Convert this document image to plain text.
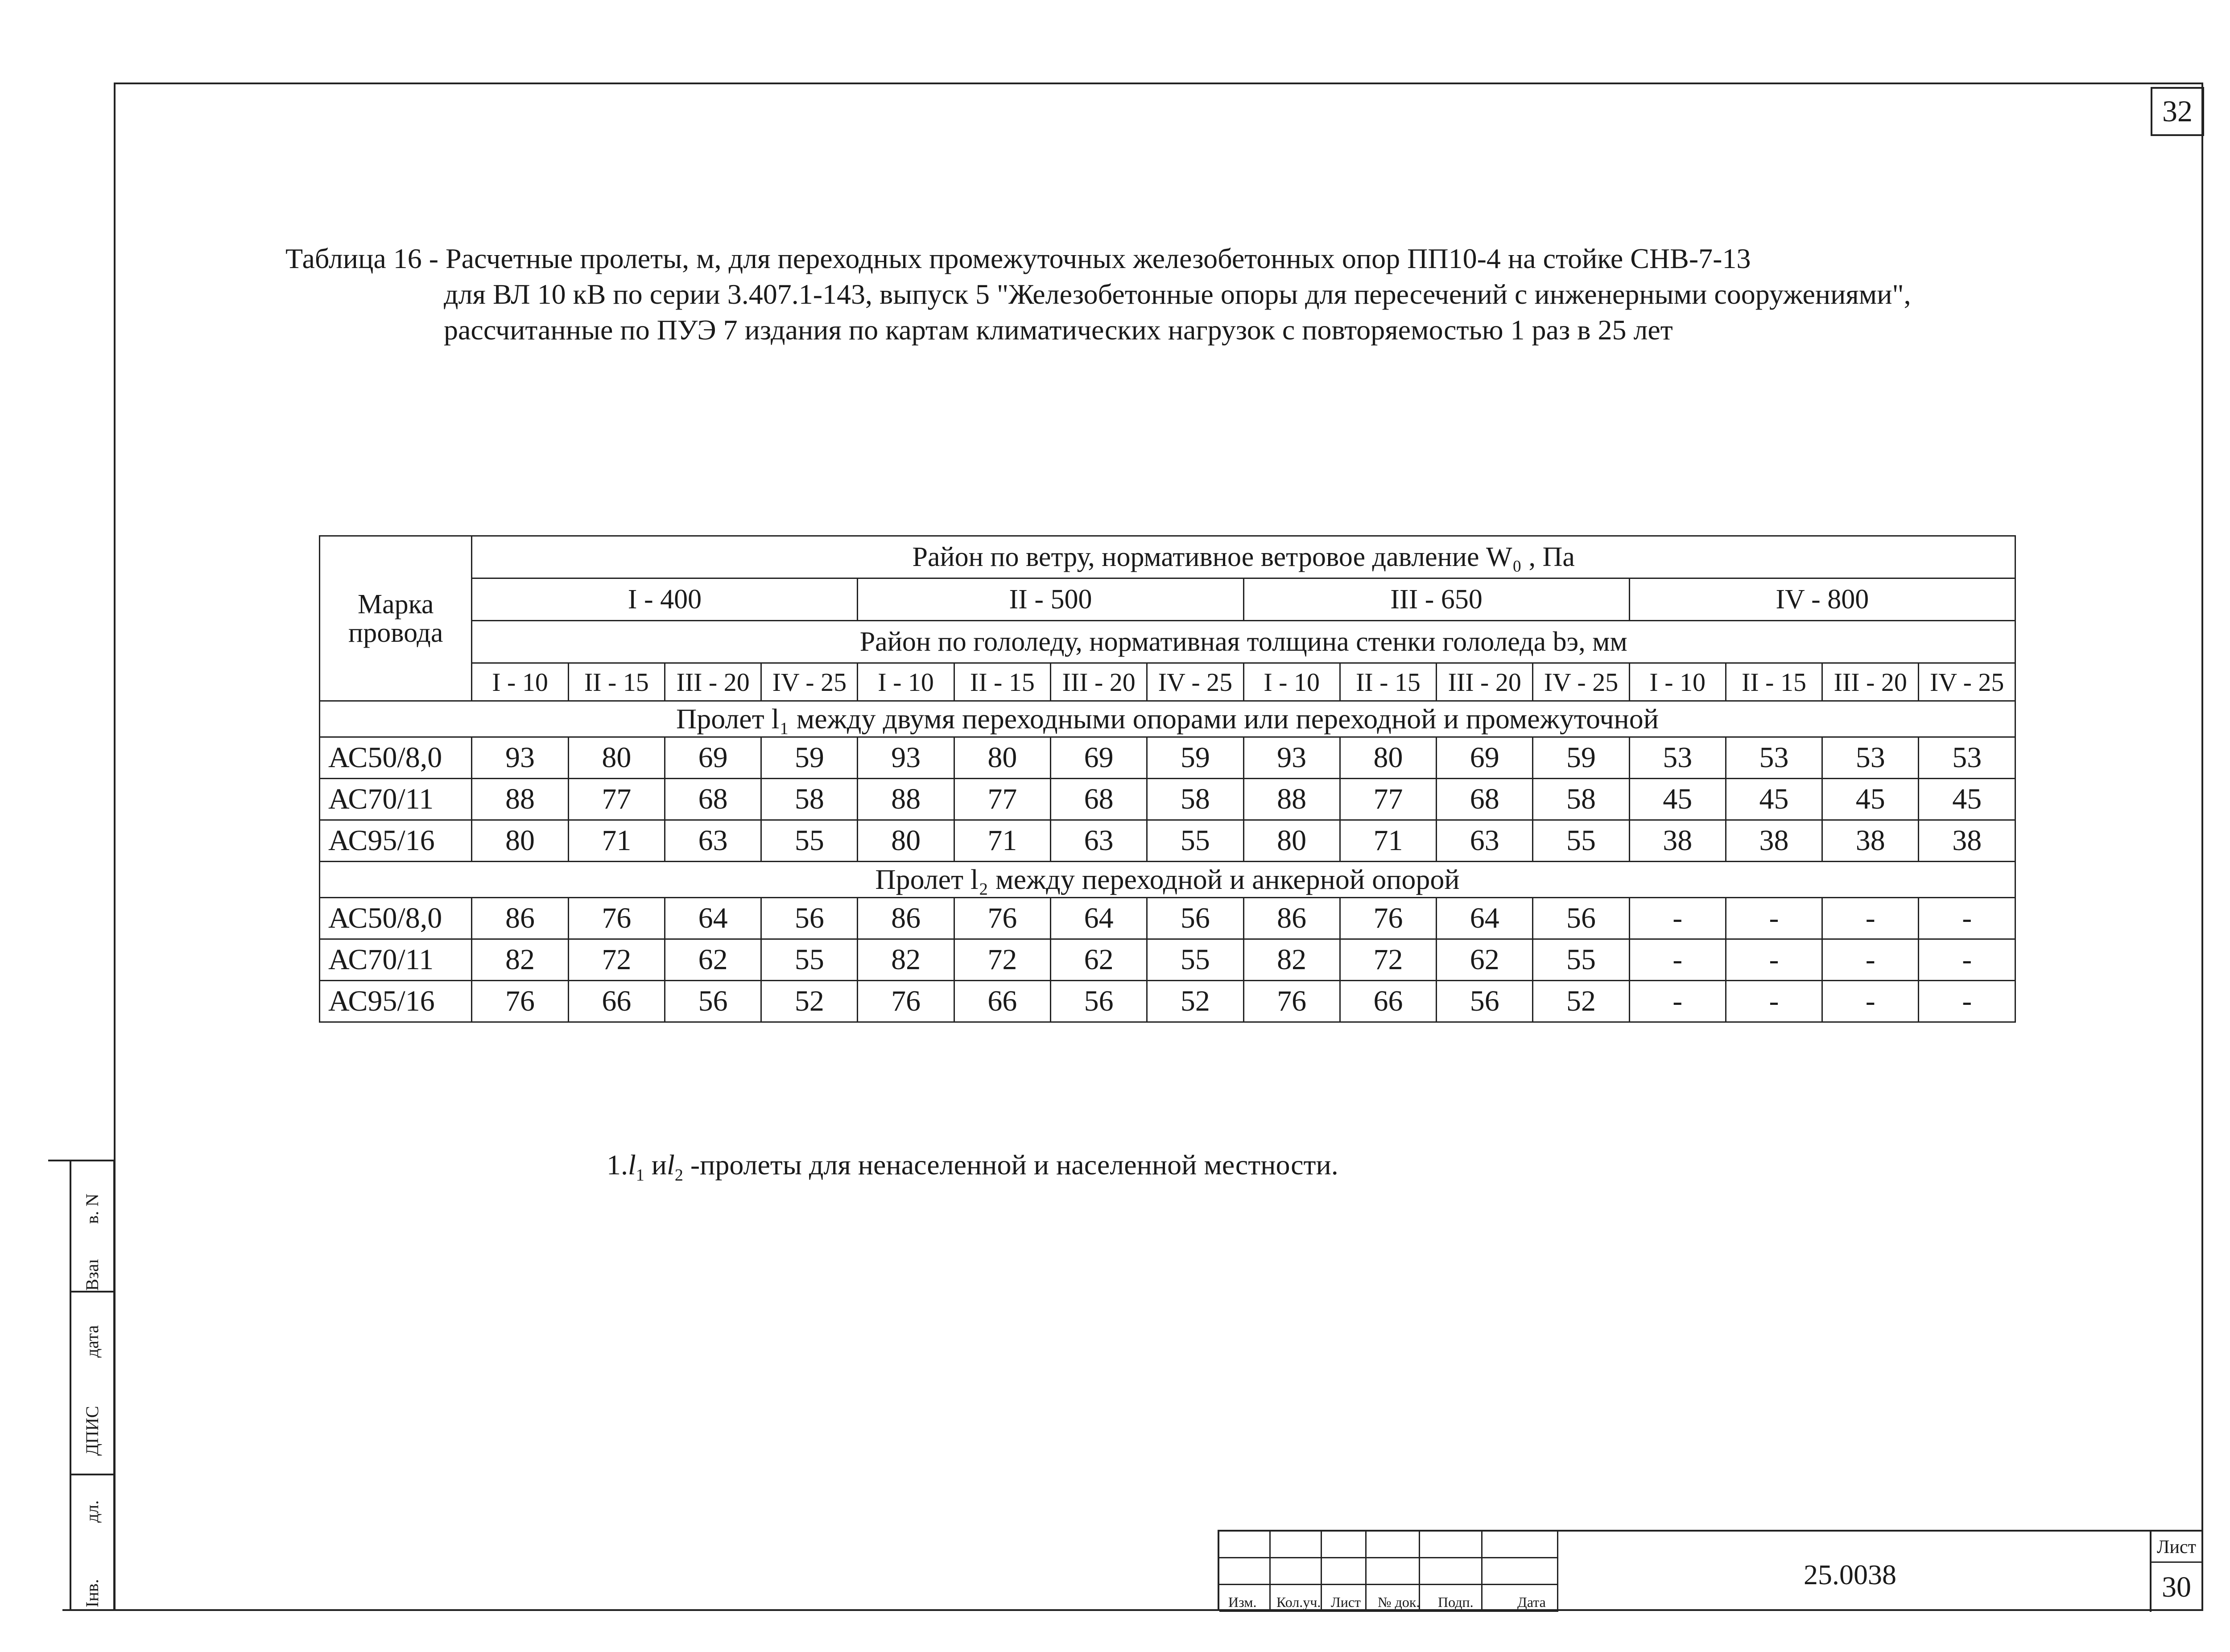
32
Таблица 16 - Расчетные пролеты, м, для переходных промежуточных железобетонных опор ПП10-4 на стойке СНВ-7-13
для ВЛ 10 кВ по серии 3.407.1-143, выпуск 5 "Железобетонные опоры для пересечений с инженерными сооружениями",
рассчитанные по ПУЭ 7 издания по картам климатических нагрузок с повторяемостью 1 раз в 25 лет
Марка
провода	Район по ветру, нормативное ветровое давление W₀ , Па															
	I - 400				II - 500				III - 650				IV - 800			
	Район по гололеду, нормативная толщина стенки гололеда bэ, мм															
	I - 10	II - 15	III - 20	IV - 25	I - 10	II - 15	III - 20	IV - 25	I - 10	II - 15	III - 20	IV - 25	I - 10	II - 15	III - 20	IV - 25
Пролет l₁ между двумя переходными опорами или переходной и промежуточной																
АС50/8,0	93	80	69	59	93	80	69	59	93	80	69	59	53	53	53	53
АС70/11	88	77	68	58	88	77	68	58	88	77	68	58	45	45	45	45
АС95/16	80	71	63	55	80	71	63	55	80	71	63	55	38	38	38	38
Пролет l₂ между переходной и анкерной опорой																
АС50/8,0	86	76	64	56	86	76	64	56	86	76	64	56	-	-	-	-
АС70/11	82	72	62	55	82	72	62	55	82	72	62	55	-	-	-	-
АС95/16	76	66	56	52	76	66	56	52	76	66	56	52	-	-	-	-
$1.l_1$ $иl_2$ -пролеты для ненаселенной и населенной местности.
в. N
Взаı
дата
ДПИС
дл.
Інв.	Изм. Кол.уч. Лист № док. Подп.	Дата
25.0038
Лист
30
